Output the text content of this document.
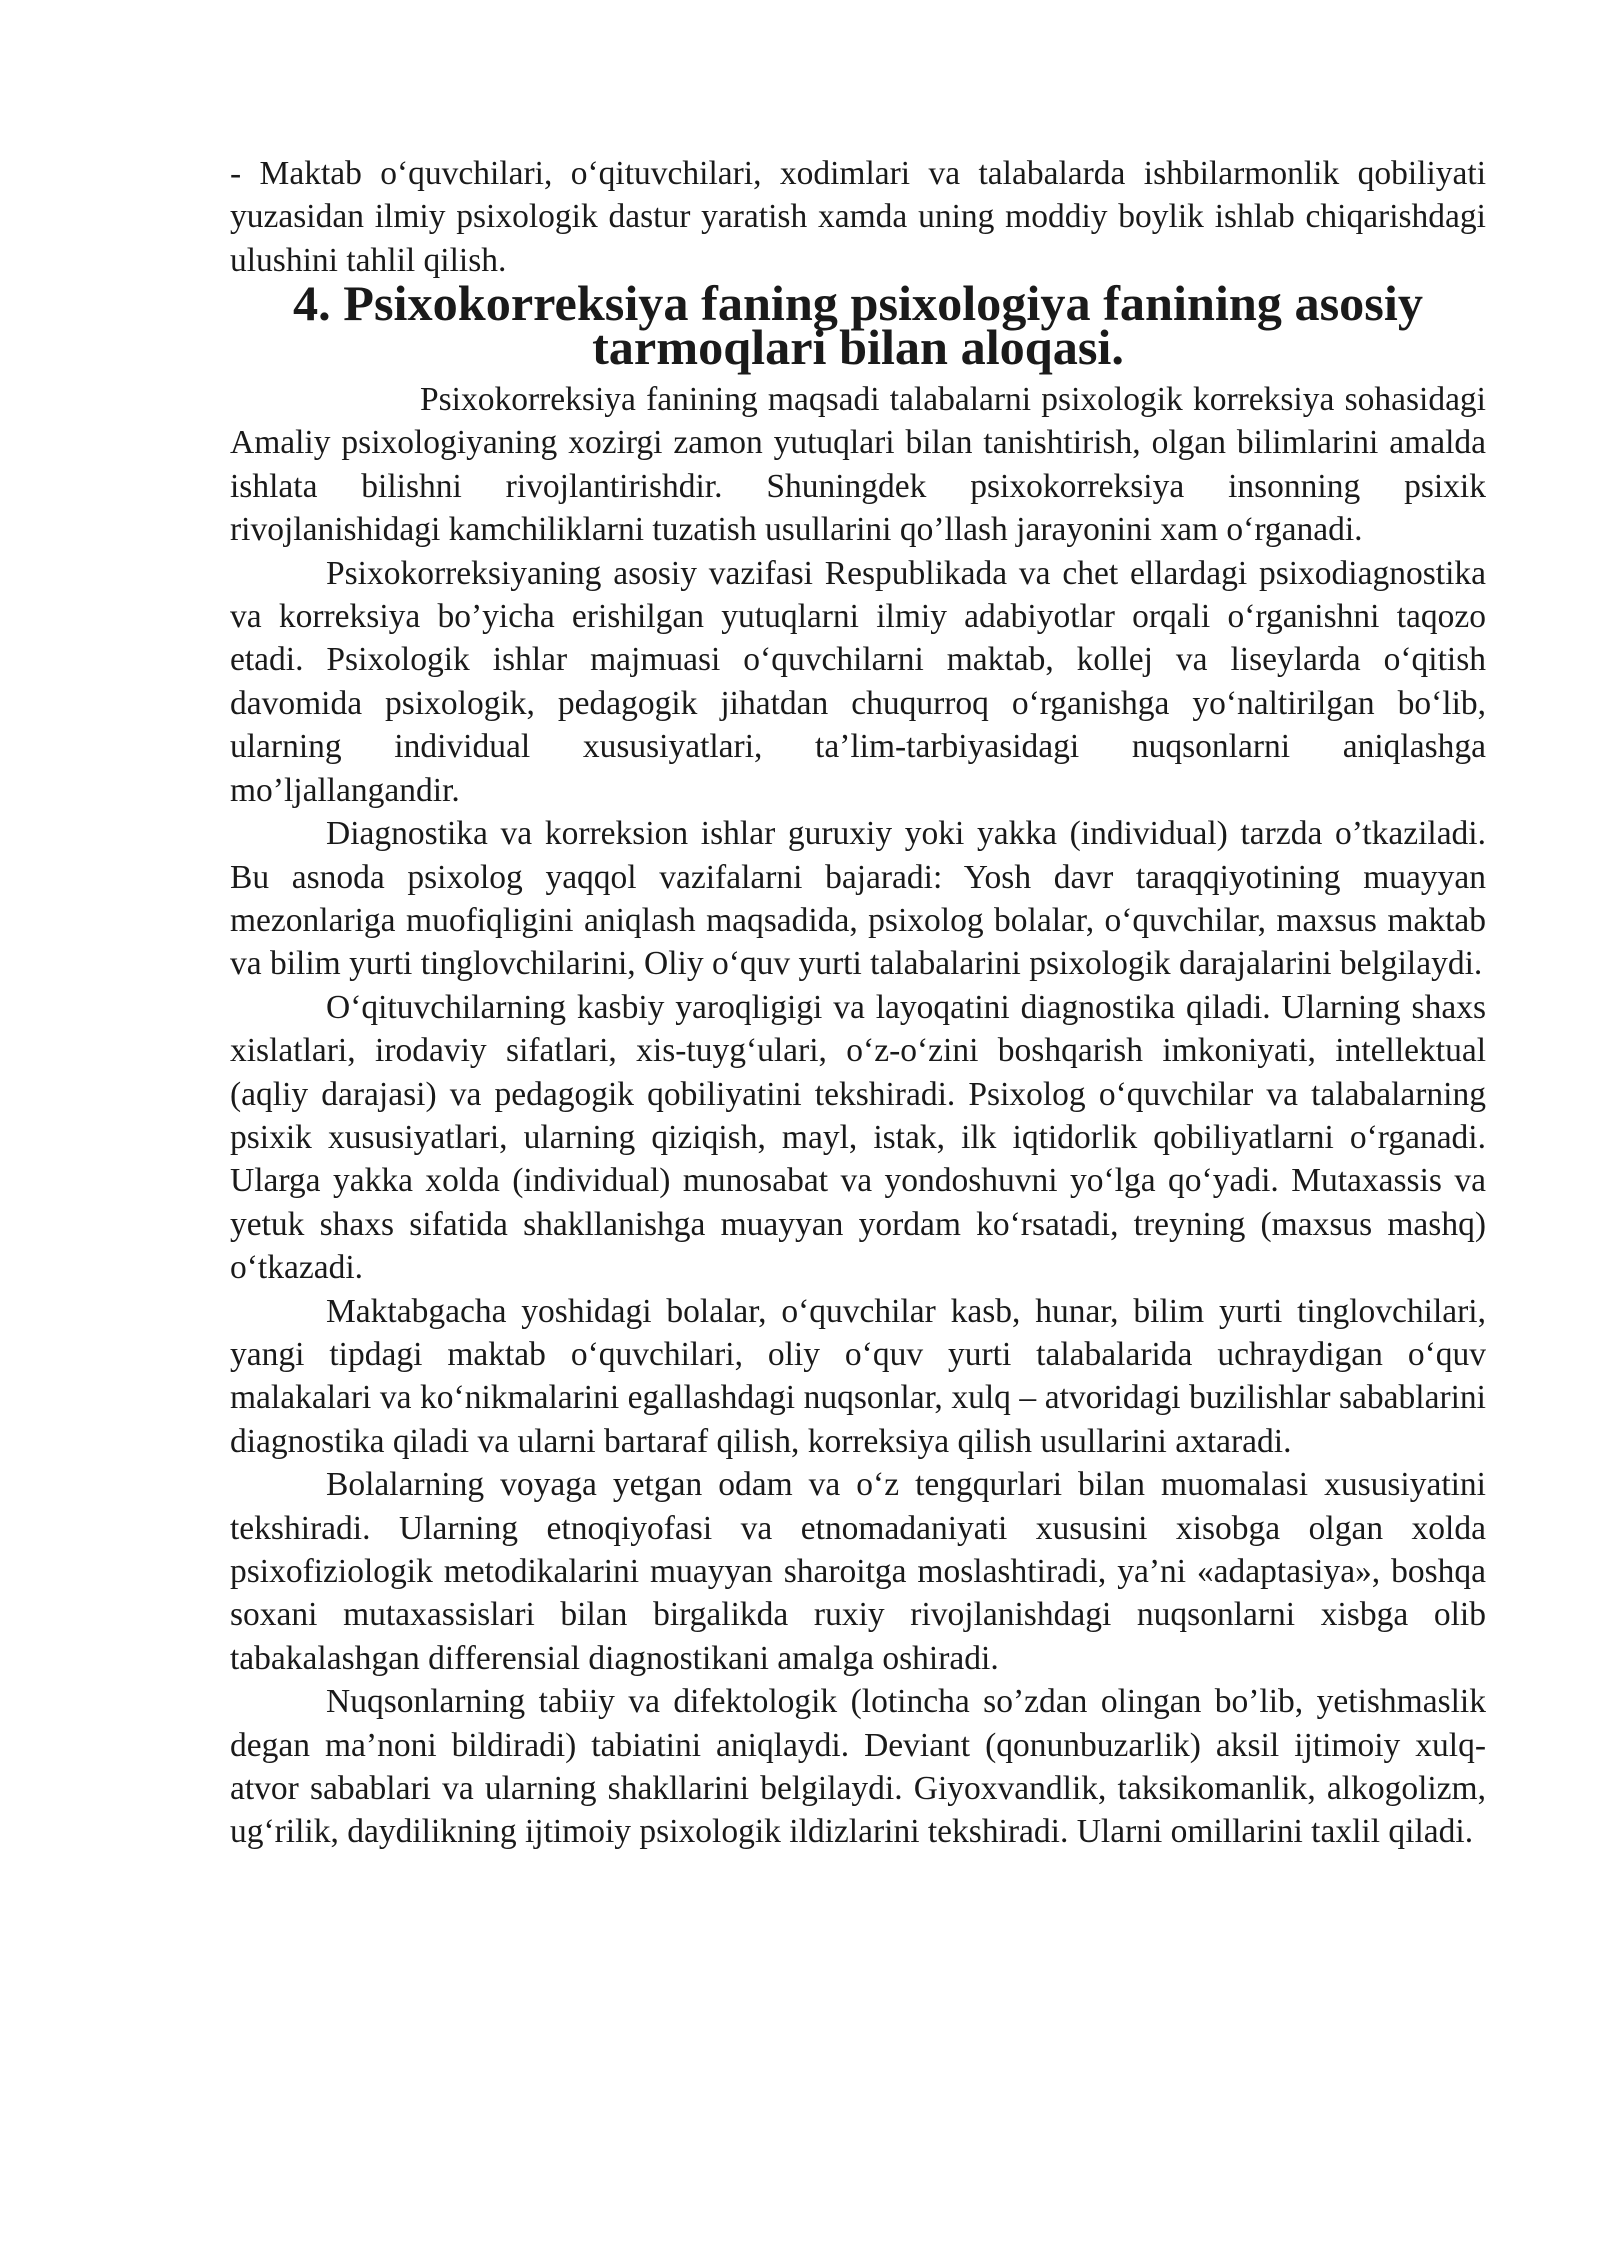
- Maktab o‘quvchilari, o‘qituvchilari, xodimlari va talabalarda ishbilarmonlik qobiliyati yuzasidan ilmiy psixologik dastur yaratish xamda uning moddiy boylik ishlab chiqarishdagi ulushini tahlil qilish.

4. Psixokorreksiya faning psixologiya fanining asosiy tarmoqlari bilan aloqasi.

Psixokorreksiya fanining maqsadi talabalarni psixologik korreksiya sohasidagi Amaliy psixologiyaning xozirgi zamon yutuqlari bilan tanishtirish, olgan bilimlarini amalda ishlata bilishni rivojlantirishdir. Shuningdek psixokorreksiya insonning psixik rivojlanishidagi kamchiliklarni tuzatish usullarini qo’llash jarayonini xam o‘rganadi.

Psixokorreksiyaning asosiy vazifasi Respublikada va chet ellardagi psixodiagnostika va korreksiya bo’yicha erishilgan yutuqlarni ilmiy adabiyotlar orqali o‘rganishni taqozo etadi. Psixologik ishlar majmuasi o‘quvchilarni maktab, kollej va liseylarda o‘qitish davomida psixologik, pedagogik jihatdan chuqurroq o‘rganishga yo‘naltirilgan bo‘lib, ularning individual xususiyatlari, ta’lim-tarbiyasidagi nuqsonlarni aniqlashga mo’ljallangandir.

Diagnostika va korreksion ishlar guruxiy yoki yakka (individual) tarzda o’tkaziladi. Bu asnoda psixolog yaqqol vazifalarni bajaradi: Yosh davr taraqqiyotining muayyan mezonlariga muofiqligini aniqlash maqsadida, psixolog bolalar, o‘quvchilar, maxsus maktab va bilim yurti tinglovchilarini, Oliy o‘quv yurti talabalarini psixologik darajalarini belgilaydi.

O‘qituvchilarning kasbiy yaroqligigi va layoqatini diagnostika qiladi. Ularning shaxs xislatlari, irodaviy sifatlari, xis-tuyg‘ulari, o‘z-o‘zini boshqarish imkoniyati, intellektual (aqliy darajasi) va pedagogik qobiliyatini tekshiradi. Psixolog o‘quvchilar va talabalarning psixik xususiyatlari, ularning qiziqish, mayl, istak, ilk iqtidorlik qobiliyatlarni o‘rganadi. Ularga yakka xolda (individual) munosabat va yondoshuvni yo‘lga qo‘yadi. Mutaxassis va yetuk shaxs sifatida shakllanishga muayyan yordam ko‘rsatadi, treyning (maxsus mashq) o‘tkazadi.

Maktabgacha yoshidagi bolalar, o‘quvchilar kasb, hunar, bilim yurti tinglovchilari, yangi tipdagi maktab o‘quvchilari, oliy o‘quv yurti talabalarida uchraydigan o‘quv malakalari va ko‘nikmalarini egallashdagi nuqsonlar, xulq – atvoridagi buzilishlar sabablarini diagnostika qiladi va ularni bartaraf qilish, korreksiya qilish usullarini axtaradi.

Bolalarning voyaga yetgan odam va o‘z tengqurlari bilan muomalasi xususiyatini tekshiradi. Ularning etnoqiyofasi va etnomadaniyati xususini xisobga olgan xolda psixofiziologik metodikalarini muayyan sharoitga moslashtiradi, ya’ni «adaptasiya», boshqa soxani mutaxassislari bilan birgalikda ruxiy rivojlanishdagi nuqsonlarni xisbga olib tabakalashgan differensial diagnostikani amalga oshiradi.

Nuqsonlarning tabiiy va difektologik (lotincha so’zdan olingan bo’lib, yetishmaslik degan ma’noni bildiradi) tabiatini aniqlaydi. Deviant (qonunbuzarlik) aksil ijtimoiy xulq-atvor sabablari va ularning shakllarini belgilaydi. Giyoxvandlik, taksikomanlik, alkogolizm, ug‘rilik, daydilikning ijtimoiy psixologik ildizlarini tekshiradi. Ularni omillarini taxlil qiladi.
